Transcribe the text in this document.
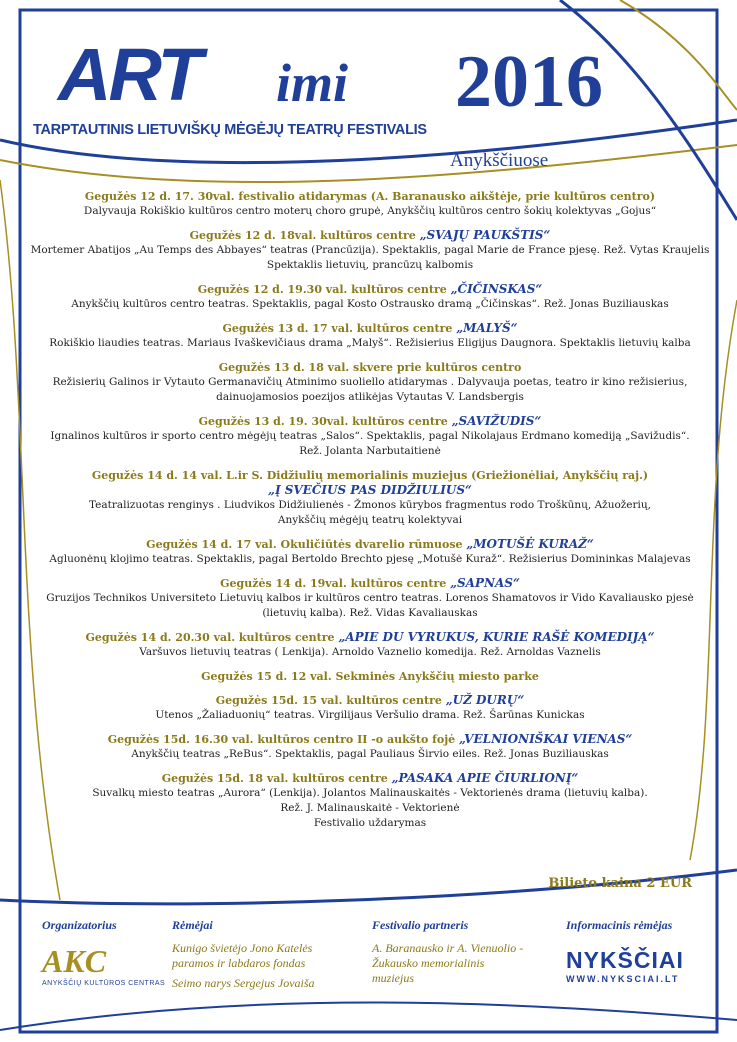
ART imi 2016
TARPTAUTINIS LIETUVIŠKŲ MĖGĖJŲ TEATRŲ FESTIVALIS
Anykščiuose
Gegužės 12 d. 17. 30val. festivalio atidarymas (A. Baranausko aikštėje, prie kultūros centro)
Dalyvauja Rokiškio kultūros centro moterų choro grupė, Anykščių kultūros centro šokių kolektyvas „Gojus“
Gegužės 12 d. 18val. kultūros centre „SVAJŲ PAUKŠTIS“
Mortemer Abatijos „Au Temps des Abbayes“ teatras (Prancūzija). Spektaklis, pagal Marie de France pjesę. Rež. Vytas Kraujelis
Spektaklis lietuvių, prancūzų kalbomis
Gegužės 12 d. 19.30 val. kultūros centre „ČIČINSKAS“
Anykščių kultūros centro teatras. Spektaklis, pagal Kosto Ostrausko dramą „Čičinskas“. Rež. Jonas Buziliauskas
Gegužės 13 d. 17 val. kultūros centre „MALYŠ“
Rokiškio liaudies teatras. Mariaus Ivaškevičiaus drama „Malyš“. Režisierius Eligijus Daugnora. Spektaklis lietuvių kalba
Gegužės 13 d. 18 val. skvere prie kultūros centro
Režisierių Galinos ir Vytauto Germanavičių Atminimo suoliello atidarymas . Dalyvauja poetas, teatro ir kino režisierius,
dainuojamosios poezijos atlikėjas Vytautas V. Landsbergis
Gegužės 13 d. 19. 30val. kultūros centre „SAVIŽUDIS“
Ignalinos kultūros ir sporto centro mėgėjų teatras „Salos“. Spektaklis, pagal Nikolajaus Erdmano komediją „Savižudis“.
Rež. Jolanta Narbutaitienė
Gegužės 14 d. 14 val. L.ir S. Didžiulių memorialinis muziejus (Griežionėliai, Anykščių raj.)
„Į SVEČIUS PAS DIDŽIULIUS“
Teatralizuotas renginys . Liudvikos Didžiulienės - Žmonos kūrybos fragmentus rodo Troškūnų, Ažuožerių,
Anykščių mėgėjų teatrų kolektyvai
Gegužės 14 d. 17 val. Okuličiūtės dvarelio rūmuose „MOTUŠĖ KURAŽ“
Agluonėnų klojimo teatras. Spektaklis, pagal Bertoldo Brechto pjesę „Motušė Kuraž“. Režisierius Domininkas Malajevas
Gegužės 14 d. 19val. kultūros centre „SAPNAS“
Gruzijos Technikos Universiteto Lietuvių kalbos ir kultūros centro teatras. Lorenos Shamatovos ir Vido Kavaliausko pjesė
(lietuvių kalba). Rež. Vidas Kavaliauskas
Gegužės 14 d. 20.30 val. kultūros centre „APIE DU VYRUKUS, KURIE RAŠĖ KOMEDIJĄ“
Varšuvos lietuvių teatras ( Lenkija). Arnoldo Vaznelio komedija. Rež. Arnoldas Vaznelis
Gegužės 15 d. 12 val. Sekminės Anykščių miesto parke
Gegužės 15d. 15 val. kultūros centre „UŽ DURŲ“
Utenos „Žaliaduonių“ teatras. Virgilijaus Veršulio drama. Rež. Šarūnas Kunickas
Gegužės 15d. 16.30 val. kultūros centro II -o aukšto fojė „VELNIONIŠKAI VIENAS“
Anykščių teatras „ReBus“. Spektaklis, pagal Pauliaus Širvio eiles. Rež. Jonas Buziliauskas
Gegužės 15d. 18 val. kultūros centre „PASAKA APIE ČIURLIONĮ“
Suvalkų miesto teatras „Aurora“ (Lenkija). Jolantos Malinauskaitės - Vektorienės drama (lietuvių kalba).
Rež. J. Malinauskaitė - Vektorienė
Festivalio uždarymas
Bilieto kaina 2 EUR
Organizatorius
AKC
ANYKŠČIŲ KULTŪROS CENTRAS
Rėmėjai
Kunigo švietėjo Jono Katelės
paramos ir labdaros fondas
Seimo narys Sergejus Jovaiša
Festivalio partneris
A. Baranausko ir A. Vienuolio -
Žukausko memorialinis
muziejus
Informacinis rėmėjas
NYKŠČIAI
WWW.NYKSCIAI.LT
